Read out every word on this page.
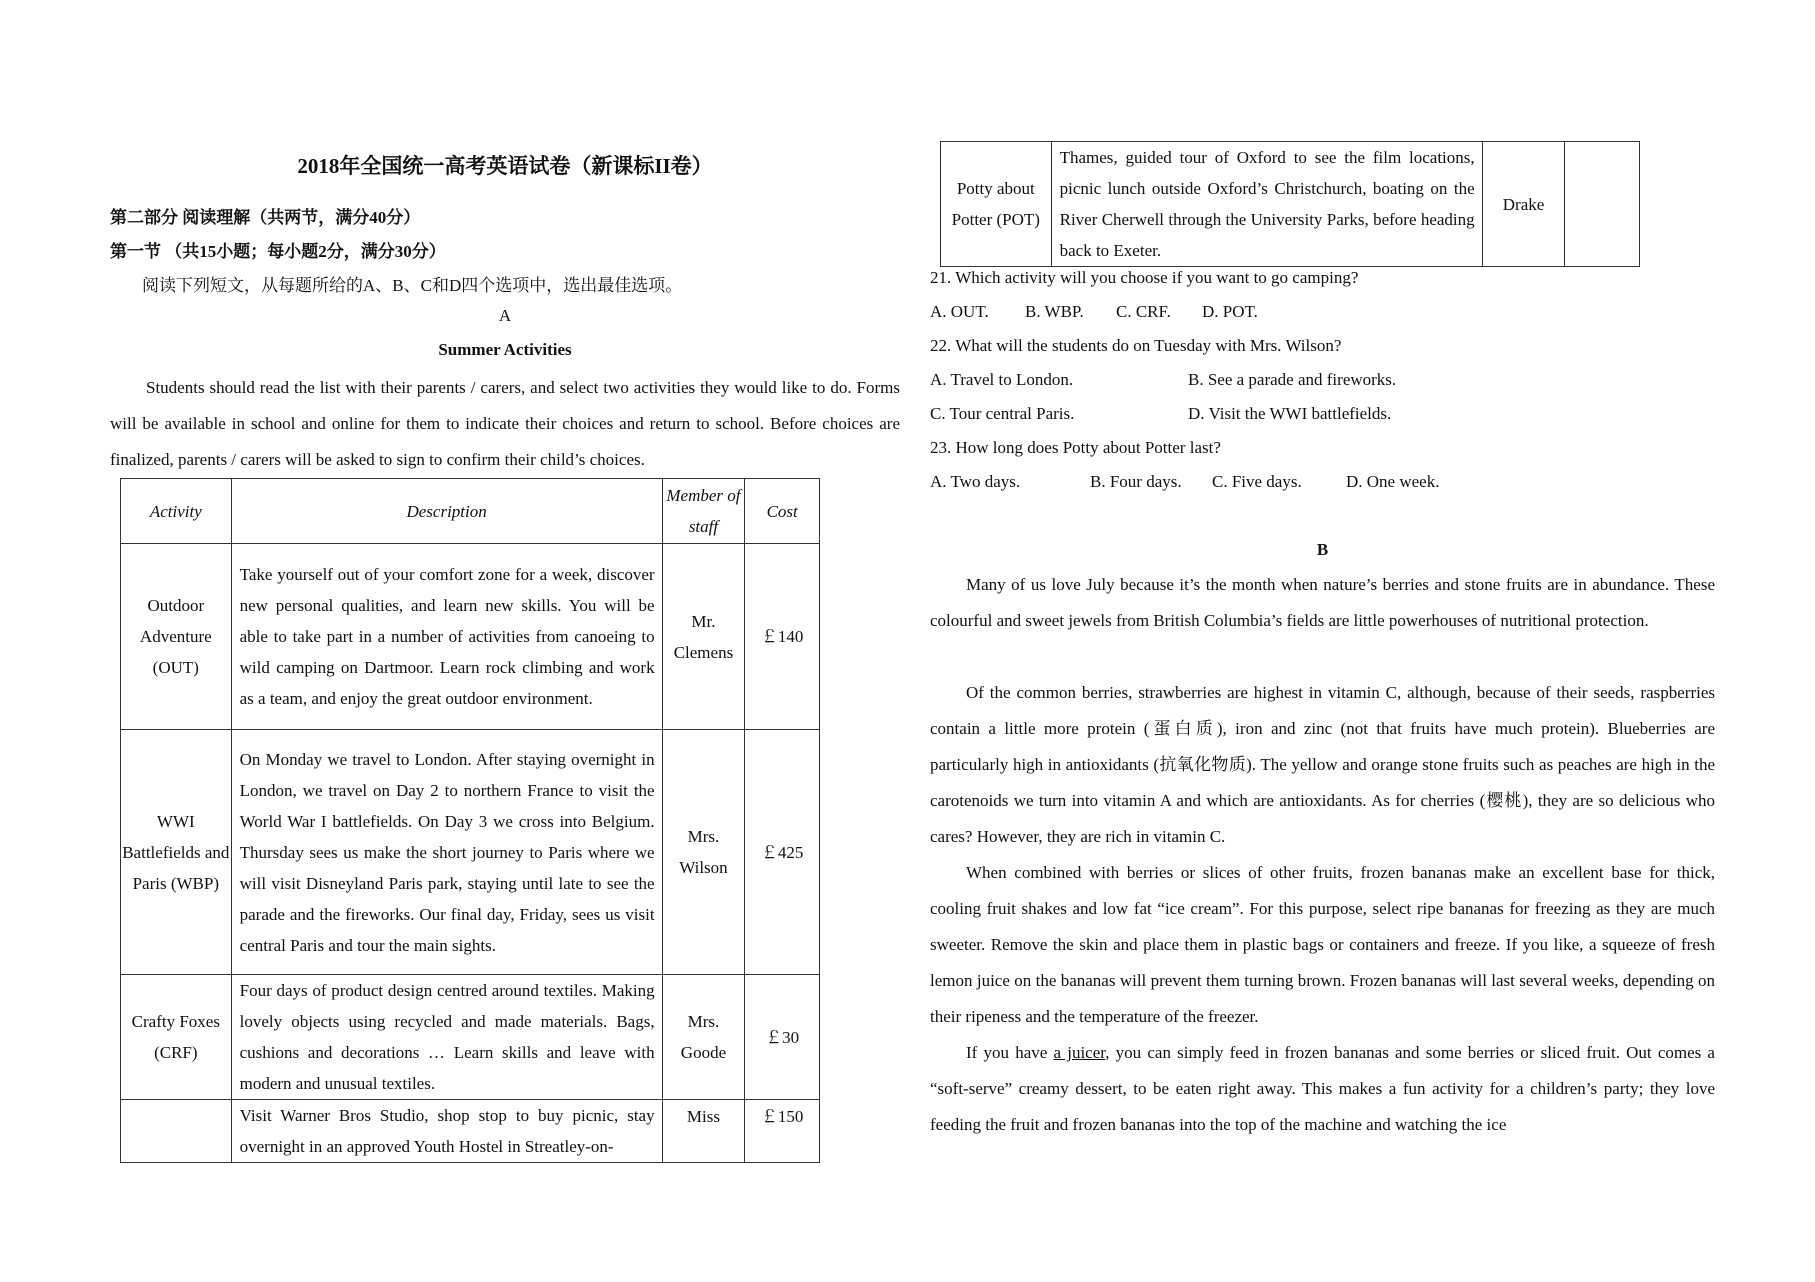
2018年全国统一高考英语试卷（新课标II卷）
第二部分 阅读理解（共两节，满分40分）
第一节 （共15小题；每小题2分，满分30分）
阅读下列短文，从每题所给的A、B、C和D四个选项中，选出最佳选项。
A
Summer Activities
Students should read the list with their parents / carers, and select two activities they would like to do. Forms will be available in school and online for them to indicate their choices and return to school. Before choices are finalized, parents / carers will be asked to sign to confirm their child’s choices.
Activity	Description	Member of staff	Cost
Outdoor Adventure (OUT)	Take yourself out of your comfort zone for a week, discover new personal qualities, and learn new skills. You will be able to take part in a number of activities from canoeing to wild camping on Dartmoor. Learn rock climbing and work as a team, and enjoy the great outdoor environment.	Mr. Clemens	￡140
WWI Battlefields and Paris (WBP)	On Monday we travel to London. After staying overnight in London, we travel on Day 2 to northern France to visit the World War I battlefields. On Day 3 we cross into Belgium. Thursday sees us make the short journey to Paris where we will visit Disneyland Paris park, staying until late to see the parade and the fireworks. Our final day, Friday, sees us visit central Paris and tour the main sights.	Mrs. Wilson	￡425
Crafty Foxes (CRF)	Four days of product design centred around textiles. Making lovely objects using recycled and made materials. Bags, cushions and decorations … Learn skills and leave with modern and unusual textiles.	Mrs. Goode	￡30
	Visit Warner Bros Studio, shop stop to buy picnic, stay overnight in an approved Youth Hostel in Streatley-on-	Miss	￡150
Potty about Potter (POT)	Thames, guided tour of Oxford to see the film locations, picnic lunch outside Oxford’s Christchurch, boating on the River Cherwell through the University Parks, before heading back to Exeter.	Drake	
21. Which activity will you choose if you want to go camping?
A. OUT. B. WBP. C. CRF. D. POT.
22. What will the students do on Tuesday with Mrs. Wilson?
A. Travel to London.	B. See a parade and fireworks.
C. Tour central Paris.	D. Visit the WWI battlefields.
23. How long does Potty about Potter last?
A. Two days.	B. Four days. C. Five days.	D. One week.
B
Many of us love July because it’s the month when nature’s berries and stone fruits are in abundance. These colourful and sweet jewels from British Columbia’s fields are little powerhouses of nutritional protection.
Of the common berries, strawberries are highest in vitamin C, although, because of their seeds, raspberries contain a little more protein (蛋白质), iron and zinc (not that fruits have much protein). Blueberries are particularly high in antioxidants (抗氧化物质). The yellow and orange stone fruits such as peaches are high in the carotenoids we turn into vitamin A and which are antioxidants. As for cherries (樱桃), they are so delicious who cares? However, they are rich in vitamin C.
When combined with berries or slices of other fruits, frozen bananas make an excellent base for thick, cooling fruit shakes and low fat “ice cream”. For this purpose, select ripe bananas for freezing as they are much sweeter. Remove the skin and place them in plastic bags or containers and freeze. If you like, a squeeze of fresh lemon juice on the bananas will prevent them turning brown. Frozen bananas will last several weeks, depending on their ripeness and the temperature of the freezer.
If you have a juicer, you can simply feed in frozen bananas and some berries or sliced fruit. Out comes a “soft-serve” creamy dessert, to be eaten right away. This makes a fun activity for a children’s party; they love feeding the fruit and frozen bananas into the top of the machine and watching the ice
